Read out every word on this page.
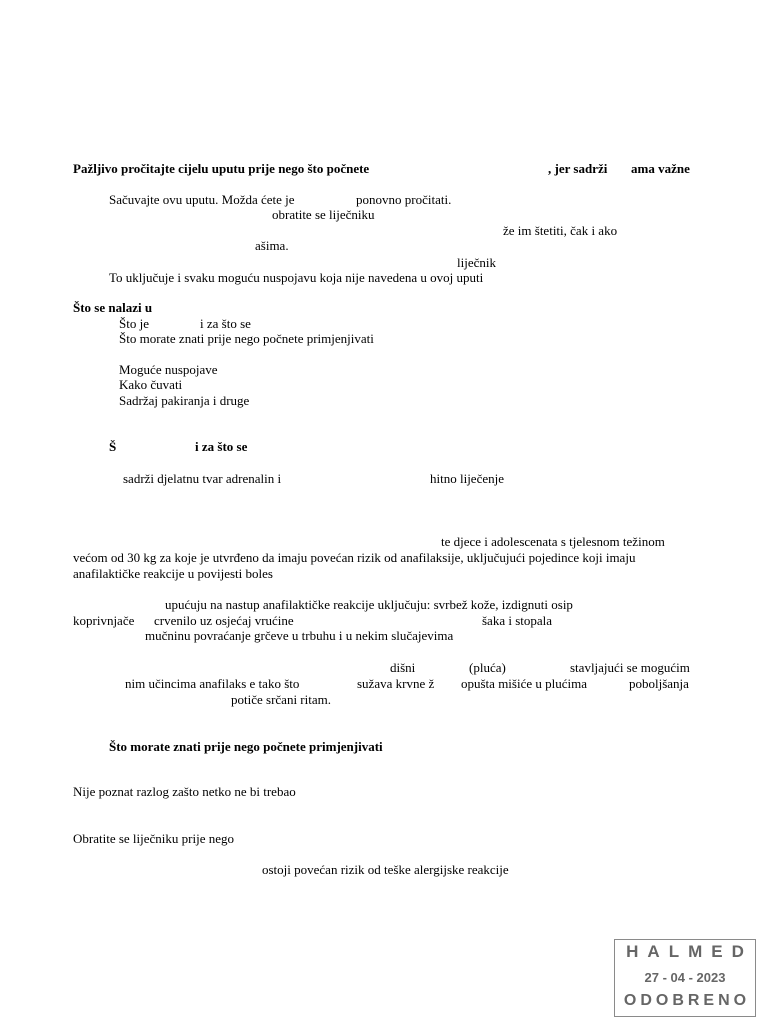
Pažljivo pročitajte cijelu uputu prije nego što počnete	, jer sadrži ama važne
Sačuvajte ovu uputu. Možda ćete je	ponovno pročitati.
obratite se liječniku
že im štetiti, čak i ako
ašima.
liječnik
To uključuje i svaku moguću nuspojavu koja nije navedena u ovoj uputi
Što se nalazi u
Što je	i za što se
Što morate znati prije nego počnete primjenjivati
Moguće nuspojave
Kako čuvati
Sadržaj pakiranja i druge
Š	i za što se
sadrži djelatnu tvar adrenalin i	hitno liječenje
te djece i adolescenata s tjelesnom težinom
većom od 30 kg za koje je utvrđeno da imaju povećan rizik od anafilaksije, uključujući pojedince koji imaju
anafilaktičke reakcije u povijesti boles
upućuju na nastup anafilaktičke reakcije uključuju: svrbež kože, izdignuti osip
koprivnjače crvenilo uz osjećaj vrućine	šaka i stopala
mučninu povraćanje grčeve u trbuhu i u nekim slučajevima
dišni	(pluća)	stavljajući se mogućim
nim učincima anafilaks e tako što	sužava krvne ž opušta mišiće u plućima	poboljšanja
potiče srčani ritam.
Što morate znati prije nego počnete primjenjivati
Nije poznat razlog zašto netko ne bi trebao
Obratite se liječniku prije nego
ostoji povećan rizik od teške alergijske reakcije
HALMED
27 - 04 - 2023
ODOBRENO
